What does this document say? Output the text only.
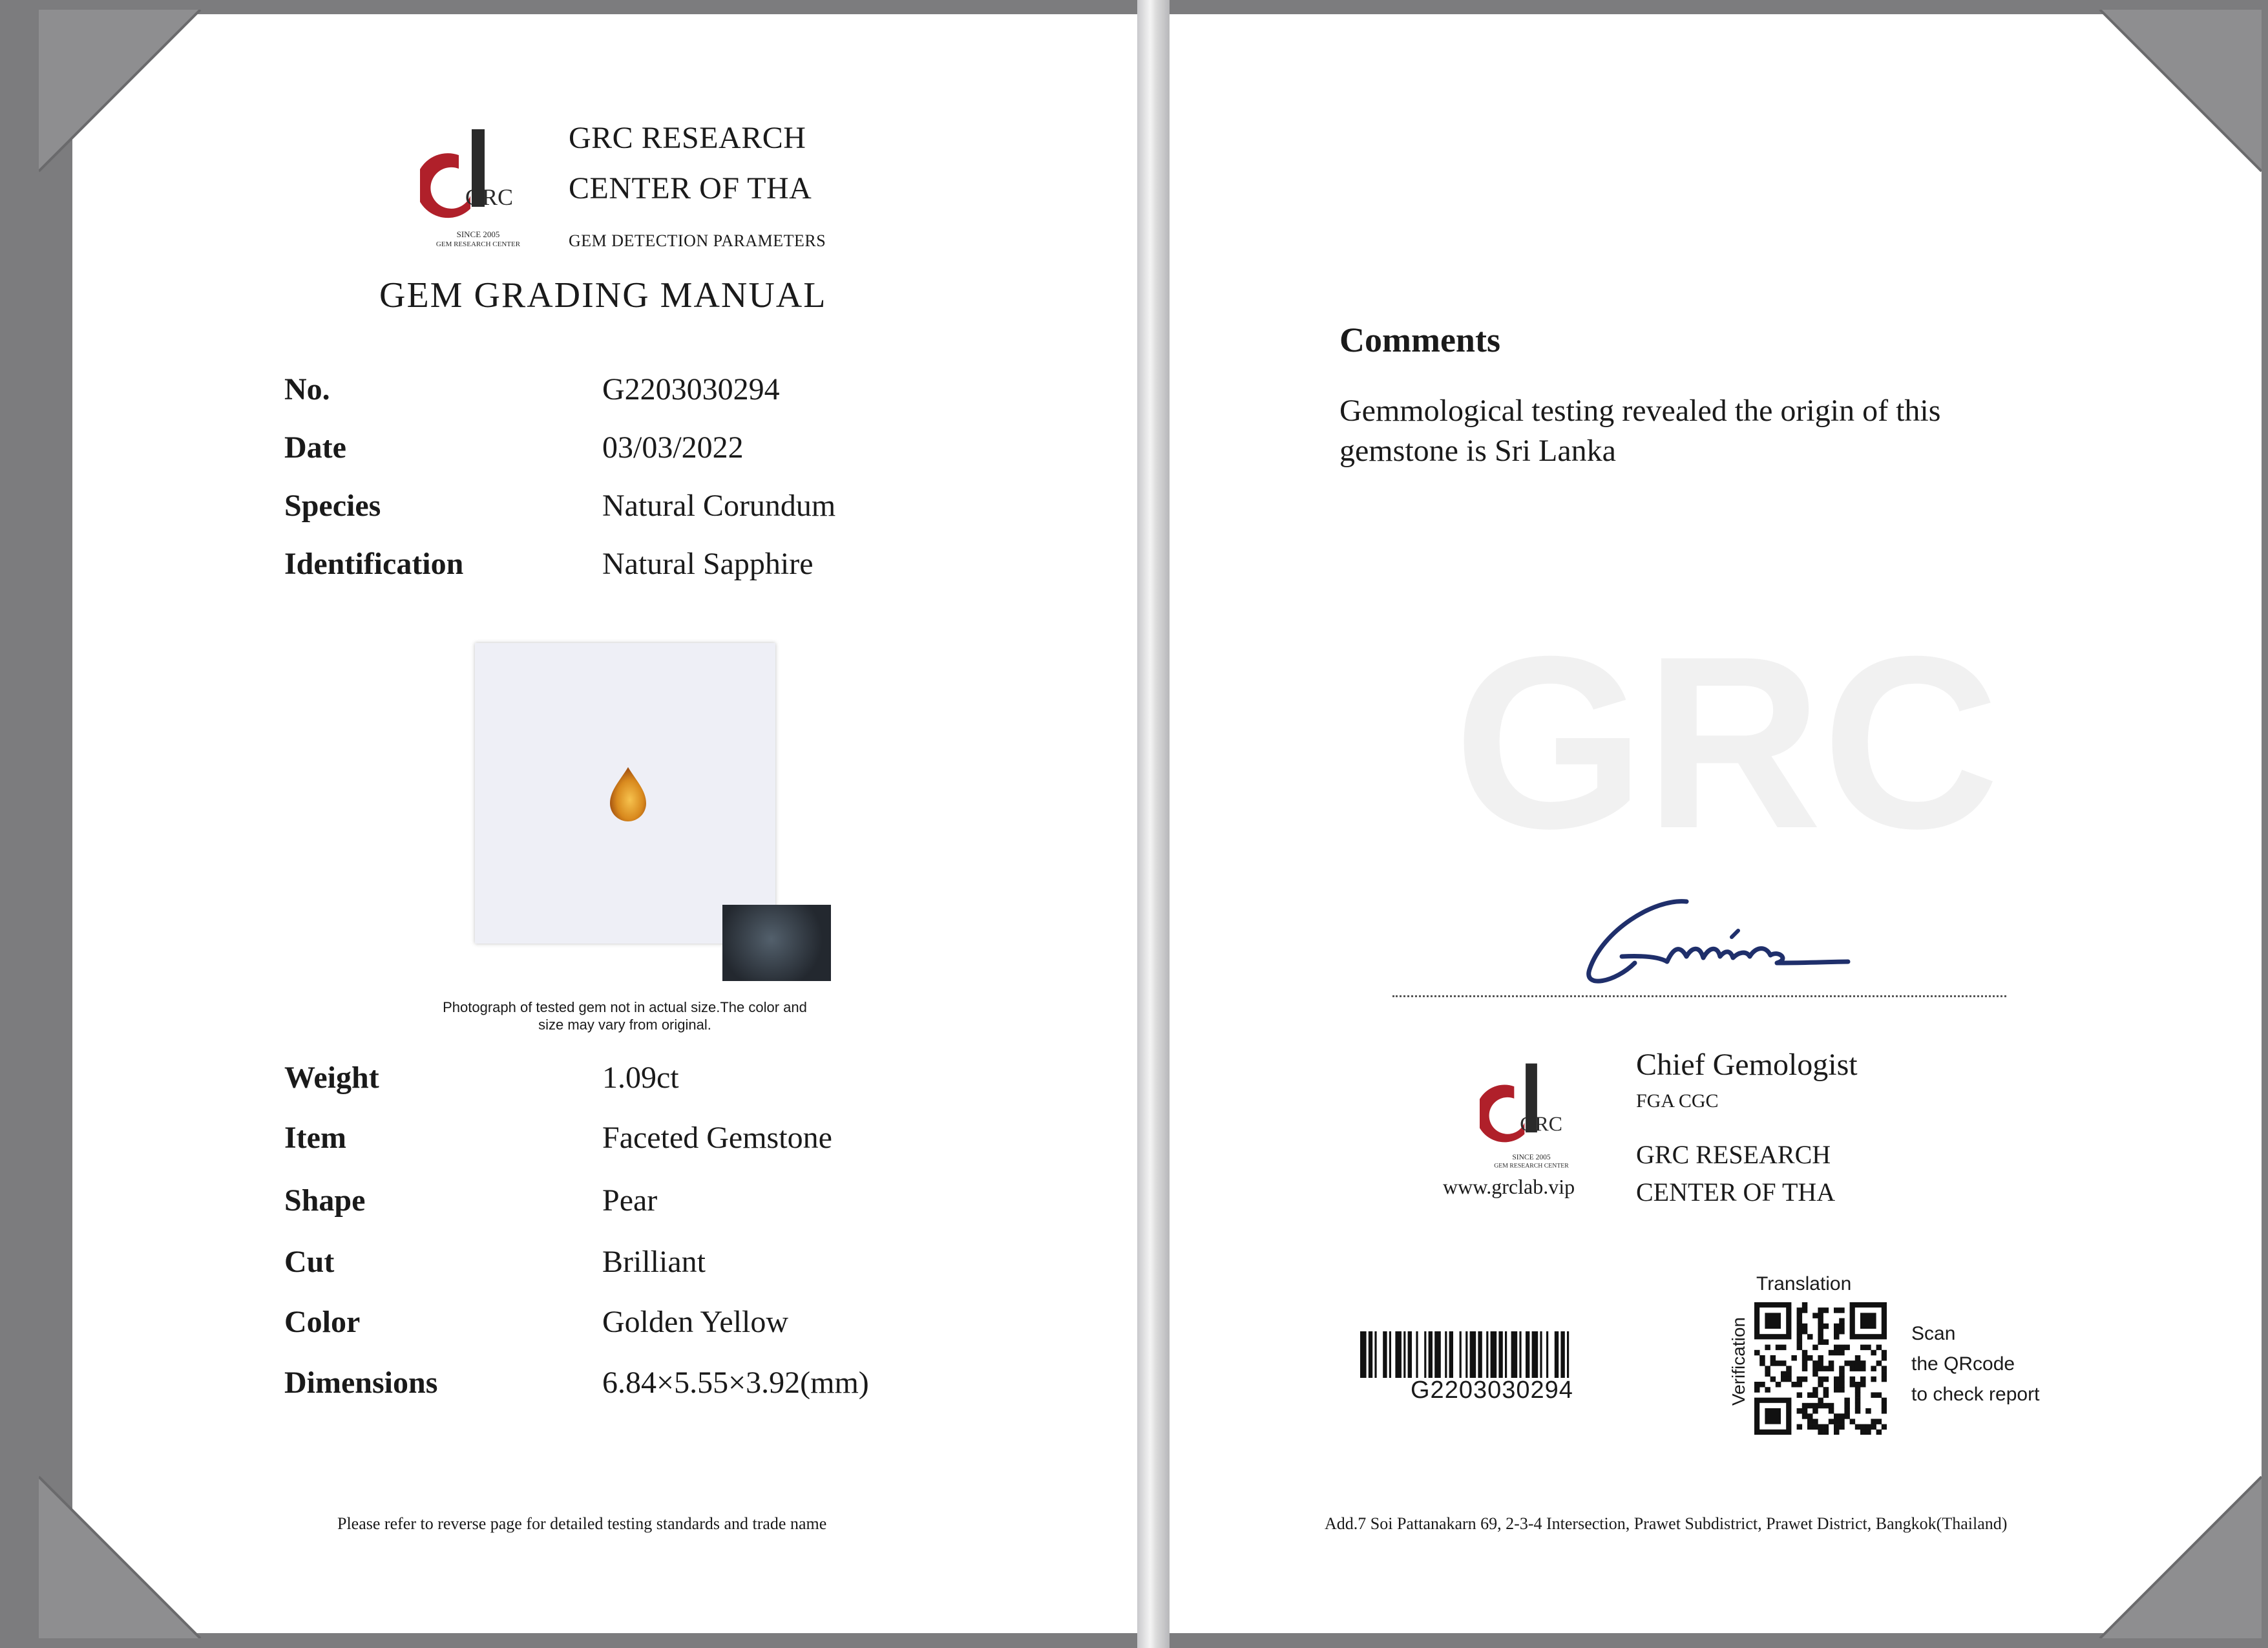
GRC
GRC
SINCE 2005
GEM RESEARCH CENTER
GRC RESEARCH
CENTER OF THA
GEM DETECTION PARAMETERS
GEM GRADING MANUAL
No.	G2203030294
Date	03/03/2022
Species	Natural Corundum
Identification	Natural Sapphire
Photograph of tested gem not in actual size.The color and
size may vary from original.
Weight	1.09ct
Item	Faceted Gemstone
Shape	Pear
Cut	Brilliant
Color	Golden Yellow
Dimensions	6.84×5.55×3.92(mm)
Please refer to reverse page for detailed testing standards and trade name
Comments
Gemmological testing revealed the origin of this
gemstone is Sri Lanka
GRC
SINCE 2005
GEM RESEARCH CENTER
www.grclab.vip
Chief Gemologist
FGA CGC
GRC RESEARCH
CENTER OF THA
G2203030294
Translation
Verification	Scan
the QRcode
to check report
Add.7 Soi Pattanakarn 69, 2-3-4 Intersection, Prawet Subdistrict, Prawet District, Bangkok(Thailand)
